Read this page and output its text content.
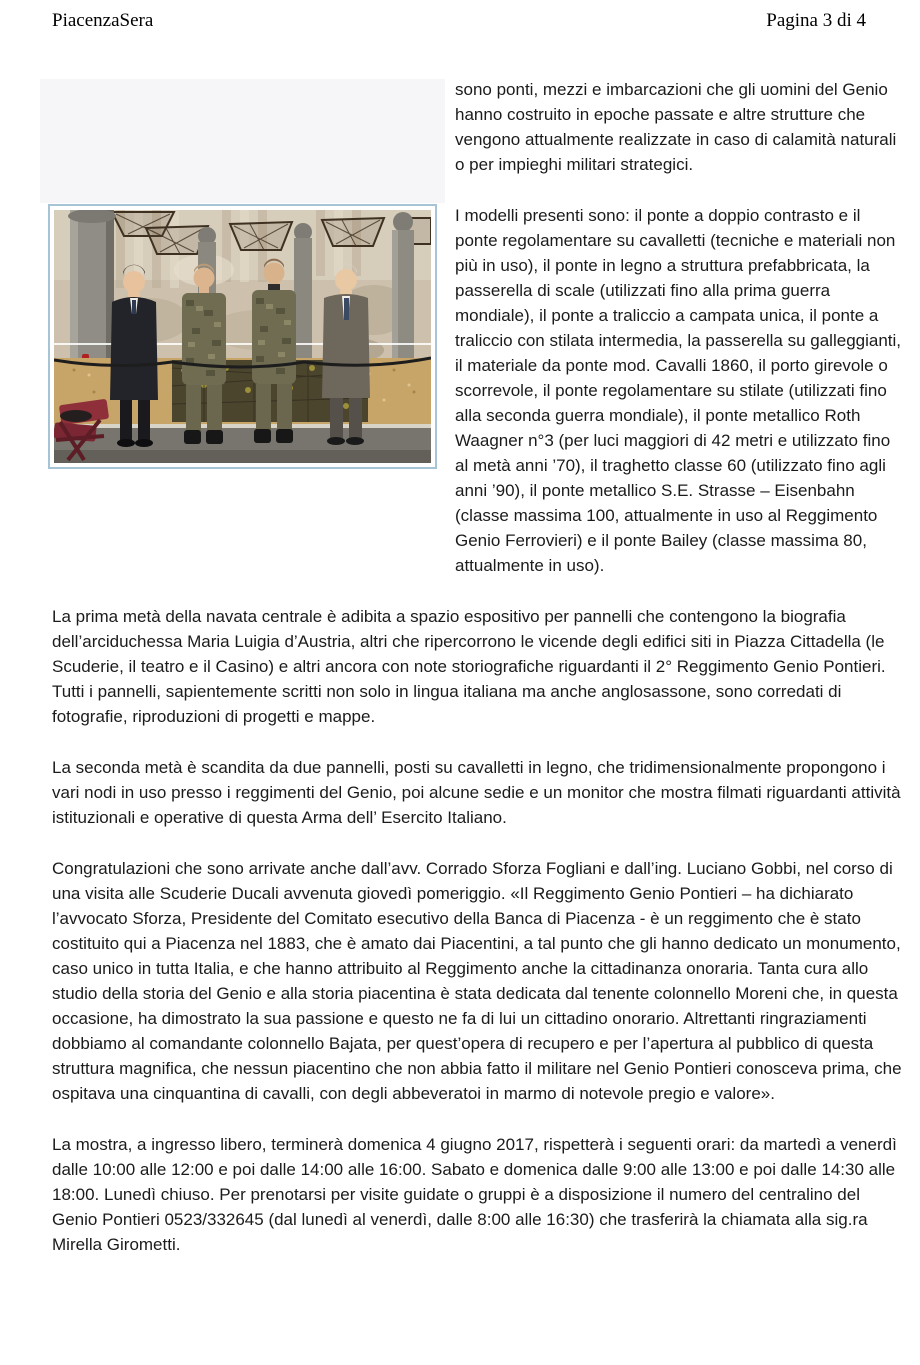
PiacenzaSera	Pagina 3 di 4

sono ponti, mezzi e imbarcazioni che gli uomini del Genio hanno costruito in epoche passate e altre strutture che vengono attualmente realizzate in caso di calamità naturali o per impieghi militari strategici.

I modelli presenti sono: il ponte a doppio contrasto e il ponte regolamentare su cavalletti (tecniche e materiali non più in uso), il ponte in legno a struttura prefabbricata, la passerella di scale (utilizzati fino alla prima guerra mondiale), il ponte a traliccio a campata unica, il ponte a traliccio con stilata intermedia, la passerella su galleggianti, il materiale da ponte mod. Cavalli 1860, il porto girevole o scorrevole, il ponte regolamentare su stilate (utilizzati fino alla seconda guerra mondiale), il ponte metallico Roth Waagner n°3 (per luci maggiori di 42 metri e utilizzato fino al metà anni ’70), il traghetto classe 60 (utilizzato fino agli anni ’90), il ponte metallico S.E. Strasse – Eisenbahn (classe massima 100, attualmente in uso al Reggimento Genio Ferrovieri) e il ponte Bailey (classe massima 80, attualmente in uso).

La prima metà della navata centrale è adibita a spazio espositivo per pannelli che contengono la biografia dell’arciduchessa Maria Luigia d’Austria, altri che ripercorrono le vicende degli edifici siti in Piazza Cittadella (le Scuderie, il teatro e il Casino) e altri ancora con note storiografiche riguardanti il 2° Reggimento Genio Pontieri. Tutti i pannelli, sapientemente scritti non solo in lingua italiana ma anche anglosassone, sono corredati di fotografie, riproduzioni di progetti e mappe.

La seconda metà è scandita da due pannelli, posti su cavalletti in legno, che tridimensionalmente propongono i vari nodi in uso presso i reggimenti del Genio, poi alcune sedie e un monitor che mostra filmati riguardanti attività istituzionali e operative di questa Arma dell’ Esercito Italiano.

Congratulazioni che sono arrivate anche dall’avv. Corrado Sforza Fogliani e dall’ing. Luciano Gobbi, nel corso di una visita alle Scuderie Ducali avvenuta giovedì pomeriggio. «Il Reggimento Genio Pontieri – ha dichiarato l’avvocato Sforza, Presidente del Comitato esecutivo della Banca di Piacenza - è un reggimento che è stato costituito qui a Piacenza nel 1883, che è amato dai Piacentini, a tal punto che gli hanno dedicato un monumento, caso unico in tutta Italia, e che hanno attribuito al Reggimento anche la cittadinanza onoraria. Tanta cura allo studio della storia del Genio e alla storia piacentina è stata dedicata dal tenente colonnello Moreni che, in questa occasione, ha dimostrato la sua passione e questo ne fa di lui un cittadino onorario. Altrettanti ringraziamenti dobbiamo al comandante colonnello Bajata, per quest’opera di recupero e per l’apertura al pubblico di questa struttura magnifica, che nessun piacentino che non abbia fatto il militare nel Genio Pontieri conosceva prima, che ospitava una cinquantina di cavalli, con degli abbeveratoi in marmo di notevole pregio e valore».

La mostra, a ingresso libero, terminerà domenica 4 giugno 2017, rispetterà i seguenti orari: da martedì a venerdì dalle 10:00 alle 12:00 e poi dalle 14:00 alle 16:00. Sabato e domenica dalle 9:00 alle 13:00 e poi dalle 14:30 alle 18:00. Lunedì chiuso. Per prenotarsi per visite guidate o gruppi è a disposizione il numero del centralino del Genio Pontieri 0523/332645 (dal lunedì al venerdì, dalle 8:00 alle 16:30) che trasferirà la chiamata alla sig.ra Mirella Girometti.
